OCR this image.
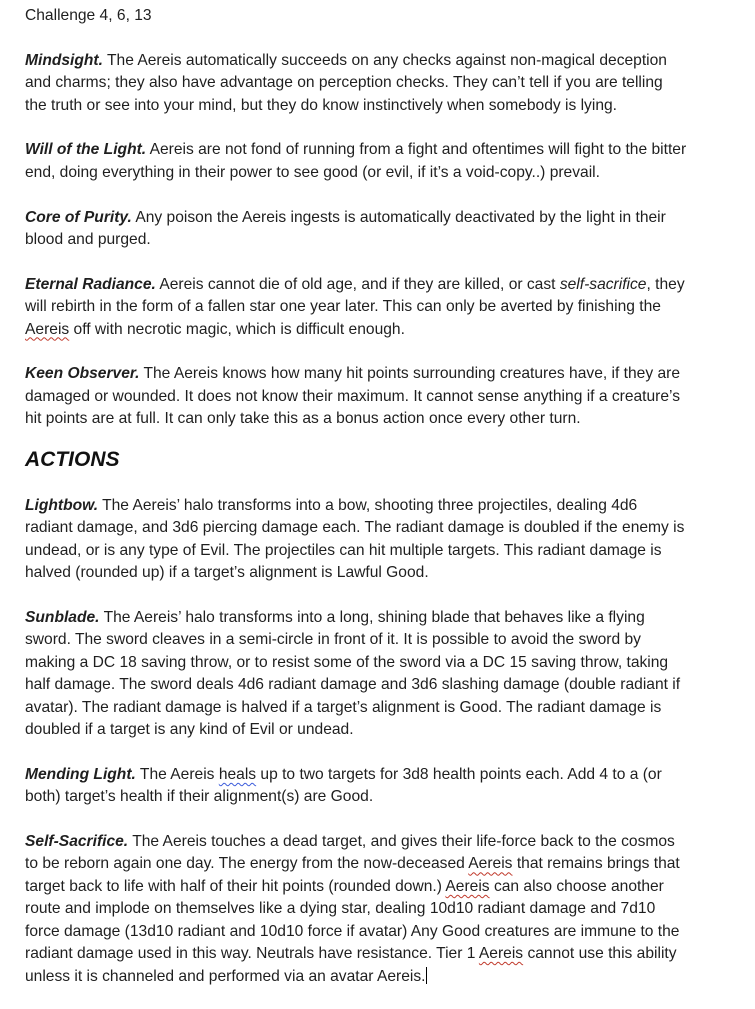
Challenge 4, 6, 13
Mindsight. The Aereis automatically succeeds on any checks against non-magical deception
and charms; they also have advantage on perception checks. They can’t tell if you are telling
the truth or see into your mind, but they do know instinctively when somebody is lying.
Will of the Light. Aereis are not fond of running from a fight and oftentimes will fight to the bitter
end, doing everything in their power to see good (or evil, if it’s a void-copy..) prevail.
Core of Purity. Any poison the Aereis ingests is automatically deactivated by the light in their
blood and purged.
Eternal Radiance. Aereis cannot die of old age, and if they are killed, or cast self-sacrifice, they
will rebirth in the form of a fallen star one year later. This can only be averted by finishing the
Aereis off with necrotic magic, which is difficult enough.
Keen Observer. The Aereis knows how many hit points surrounding creatures have, if they are
damaged or wounded. It does not know their maximum. It cannot sense anything if a creature’s
hit points are at full. It can only take this as a bonus action once every other turn.
ACTIONS
Lightbow. The Aereis’ halo transforms into a bow, shooting three projectiles, dealing 4d6
radiant damage, and 3d6 piercing damage each. The radiant damage is doubled if the enemy is
undead, or is any type of Evil. The projectiles can hit multiple targets. This radiant damage is
halved (rounded up) if a target’s alignment is Lawful Good.
Sunblade. The Aereis’ halo transforms into a long, shining blade that behaves like a flying
sword. The sword cleaves in a semi-circle in front of it. It is possible to avoid the sword by
making a DC 18 saving throw, or to resist some of the sword via a DC 15 saving throw, taking
half damage. The sword deals 4d6 radiant damage and 3d6 slashing damage (double radiant if
avatar). The radiant damage is halved if a target’s alignment is Good. The radiant damage is
doubled if a target is any kind of Evil or undead.
Mending Light. The Aereis heals up to two targets for 3d8 health points each. Add 4 to a (or
both) target’s health if their alignment(s) are Good.
Self-Sacrifice. The Aereis touches a dead target, and gives their life-force back to the cosmos
to be reborn again one day. The energy from the now-deceased Aereis that remains brings that
target back to life with half of their hit points (rounded down.) Aereis can also choose another
route and implode on themselves like a dying star, dealing 10d10 radiant damage and 7d10
force damage (13d10 radiant and 10d10 force if avatar) Any Good creatures are immune to the
radiant damage used in this way. Neutrals have resistance. Tier 1 Aereis cannot use this ability
unless it is channeled and performed via an avatar Aereis.
